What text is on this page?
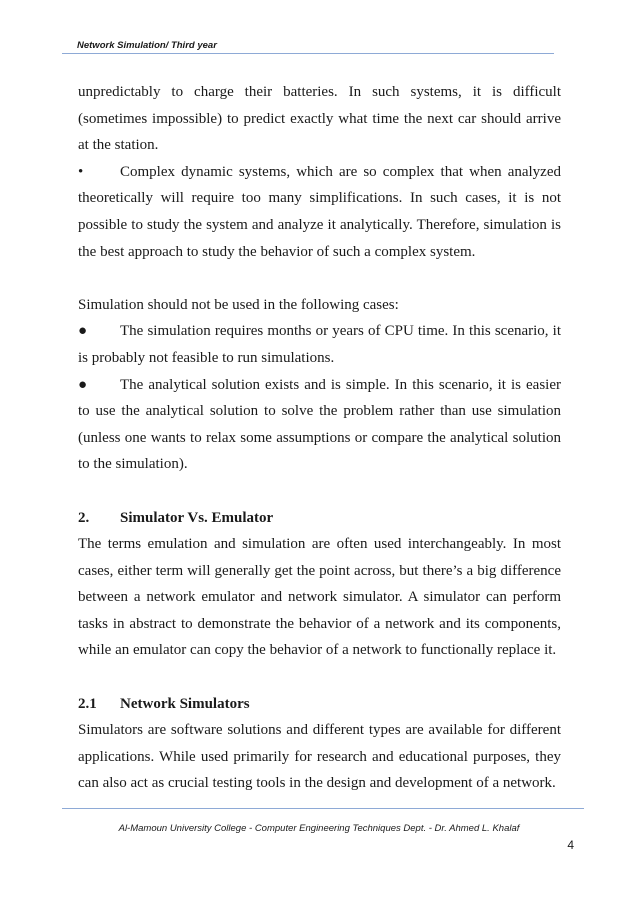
Network Simulation/ Third year

unpredictably to charge their batteries. In such systems, it is difficult (sometimes impossible) to predict exactly what time the next car should arrive at the station.

• Complex dynamic systems, which are so complex that when analyzed theoretically will require too many simplifications. In such cases, it is not possible to study the system and analyze it analytically. Therefore, simulation is the best approach to study the behavior of such a complex system.

Simulation should not be used in the following cases:

● The simulation requires months or years of CPU time. In this scenario, it is probably not feasible to run simulations.

● The analytical solution exists and is simple. In this scenario, it is easier to use the analytical solution to solve the problem rather than use simulation (unless one wants to relax some assumptions or compare the analytical solution to the simulation).

2. Simulator Vs. Emulator

The terms emulation and simulation are often used interchangeably. In most cases, either term will generally get the point across, but there’s a big difference between a network emulator and network simulator. A simulator can perform tasks in abstract to demonstrate the behavior of a network and its components, while an emulator can copy the behavior of a network to functionally replace it.

2.1 Network Simulators

Simulators are software solutions and different types are available for different applications. While used primarily for research and educational purposes, they can also act as crucial testing tools in the design and development of a network.

Al-Mamoun University College - Computer Engineering Techniques Dept. - Dr. Ahmed L. Khalaf
4
